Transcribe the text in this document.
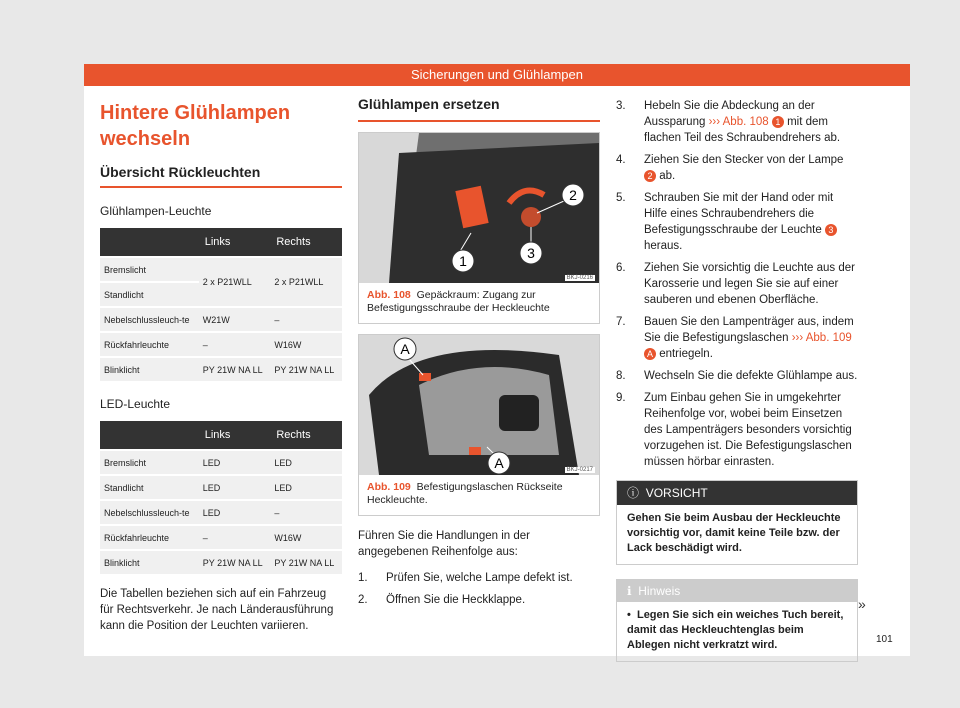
Sicherungen und Glühlampen
Hintere Glühlampen wechseln
Übersicht Rückleuchten
Glühlampen-Leuchte
	Links	Rechts
Bremslicht	2 x P21WLL	2 x P21WLL
Standlicht		
Nebelschlussleuch-te	W21W	–
Rückfahrleuchte	–	W16W
Blinklicht	PY 21W NA LL	PY 21W NA LL
LED-Leuchte
	Links	Rechts
Bremslicht	LED	LED
Standlicht	LED	LED
Nebelschlussleuch-te	LED	–
Rückfahrleuchte	–	W16W
Blinklicht	PY 21W NA LL	PY 21W NA LL

Die Tabellen beziehen sich auf ein Fahrzeug für Rechtsverkehr. Je nach Länderausführung kann die Position der Leuchten variieren.

Glühlampen ersetzen
1
2
3
BKJ-0216
Abb. 108 Gepäckraum: Zugang zur Befestigungsschraube der Heckleuchte
A
A	BKJ-0217
Abb. 109 Befestigungslaschen Rückseite Heckleuchte.

Führen Sie die Handlungen in der angegebenen Reihenfolge aus:

1.	Prüfen Sie, welche Lampe defekt ist.
2.	Öffnen Sie die Heckklappe.
3.	Hebeln Sie die Abdeckung an der Aussparung ››› Abb. 108 1 mit dem flachen Teil des Schraubendrehers ab.
4.	Ziehen Sie den Stecker von der Lampe 2 ab.
5.	Schrauben Sie mit der Hand oder mit Hilfe eines Schraubendrehers die Befestigungsschraube der Leuchte 3 heraus.
6.	Ziehen Sie vorsichtig die Leuchte aus der Karosserie und legen Sie sie auf einer sauberen und ebenen Oberfläche.
7.	Bauen Sie den Lampenträger aus, indem Sie die Befestigungslaschen ››› Abb. 109 A entriegeln.
8.	Wechseln Sie die defekte Glühlampe aus.
9.	Zum Einbau gehen Sie in umgekehrter Reihenfolge vor, wobei beim Einsetzen des Lampenträgers besonders vorsichtig vorzugehen ist. Die Befestigungslaschen müssen hörbar einrasten.
ⓘ VORSICHT
Gehen Sie beim Ausbau der Heckleuchte vorsichtig vor, damit keine Teile bzw. der Lack beschädigt wird.
ℹ Hinweis
•  Legen Sie sich ein weiches Tuch bereit, damit das Heckleuchtenglas beim Ablegen nicht verkratzt wird.
»
101
